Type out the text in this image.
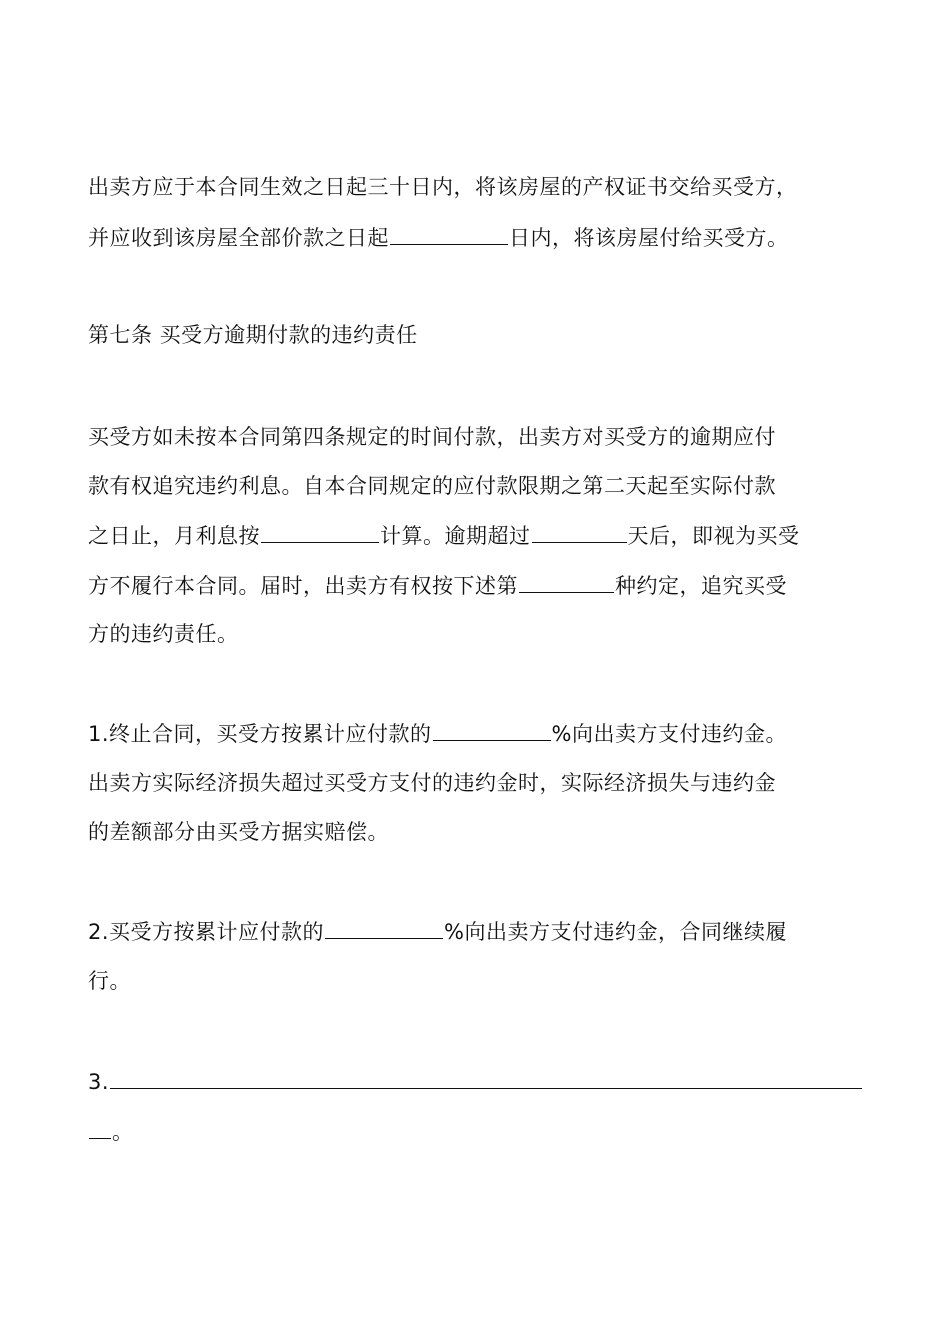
出卖方应于本合同生效之日起三十日内，将该房屋的产权证书交给买受方，
并应收到该房屋全部价款之日起	日内，将该房屋付给买受方。
第七条 买受方逾期付款的违约责任
买受方如未按本合同第四条规定的时间付款，出卖方对买受方的逾期应付
款有权追究违约利息。自本合同规定的应付款限期之第二天起至实际付款
之日止，月利息按	计算。逾期超过	天后，即视为买受
方不履行本合同。届时，出卖方有权按下述第	种约定，追究买受
方的违约责任。
1.终止合同，买受方按累计应付款的	%向出卖方支付违约金。
出卖方实际经济损失超过买受方支付的违约金时，实际经济损失与违约金
的差额部分由买受方据实赔偿。
2.买受方按累计应付款的	%向出卖方支付违约金，合同继续履
行。
3.
。
